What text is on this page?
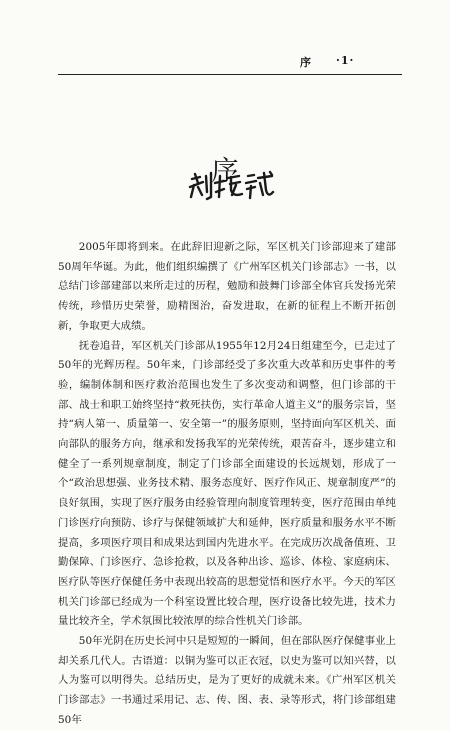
序 ·1·
序

2005年即将到来。在此辞旧迎新之际，军区机关门诊部迎来了建部50周年华诞。为此，他们组织编撰了《广州军区机关门诊部志》一书，以总结门诊部建部以来所走过的历程，勉励和鼓舞门诊部全体官兵发扬光荣传统，珍惜历史荣誉，励精图治，奋发进取，在新的征程上不断开拓创新，争取更大成绩。

抚卷追昔，军区机关门诊部从1955年12月24日组建至今，已走过了50年的光辉历程。50年来，门诊部经受了多次重大改革和历史事件的考验，编制体制和医疗救治范围也发生了多次变动和调整，但门诊部的干部、战士和职工始终坚持“救死扶伤，实行革命人道主义”的服务宗旨，坚持“病人第一、质量第一、安全第一”的服务原则，坚持面向军区机关、面向部队的服务方向，继承和发扬我军的光荣传统，艰苦奋斗，逐步建立和健全了一系列规章制度，制定了门诊部全面建设的长远规划，形成了一个“政治思想强、业务技术精、服务态度好、医疗作风正、规章制度严”的良好氛围，实现了医疗服务由经验管理向制度管理转变，医疗范围由单纯门诊医疗向预防、诊疗与保健领域扩大和延伸，医疗质量和服务水平不断提高，多项医疗项目和成果达到国内先进水平。在完成历次战备值班、卫勤保障、门诊医疗、急诊抢救，以及各种出诊、巡诊、体检、家庭病床、医疗队等医疗保健任务中表现出较高的思想觉悟和医疗水平。今天的军区机关门诊部已经成为一个科室设置比较合理，医疗设备比较先进，技术力量比较齐全，学术氛围比较浓厚的综合性机关门诊部。

50年光阴在历史长河中只是短短的一瞬间，但在部队医疗保健事业上却关系几代人。古语道：以铜为鉴可以正衣冠，以史为鉴可以知兴替，以人为鉴可以明得失。总结历史，是为了更好的成就未来。《广州军区机关门诊部志》一书通过采用记、志、传、图、表、录等形式，将门诊部组建50年
